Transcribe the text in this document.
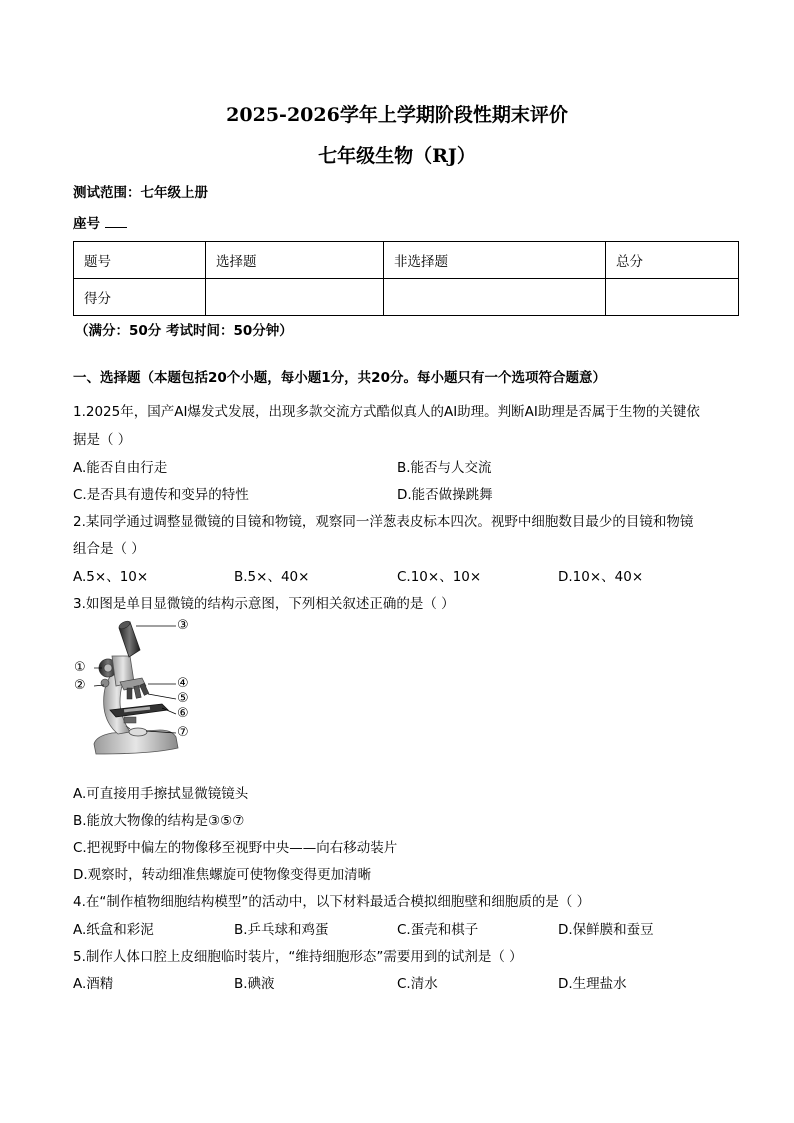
2025-2026学年上学期阶段性期末评价
七年级生物（RJ）
测试范围：七年级上册
座号
题号	选择题	非选择题	总分
得分			
（满分：50分 考试时间：50分钟）
一、选择题（本题包括20个小题，每小题1分，共20分。每小题只有一个选项符合题意）
1.2025年，国产AI爆发式发展，出现多款交流方式酷似真人的AI助理。判断AI助理是否属于生物的关键依
据是（ ）
A.能否自由行走	B.能否与人交流
C.是否具有遗传和变异的特性	D.能否做操跳舞
2.某同学通过调整显微镜的目镜和物镜，观察同一洋葱表皮标本四次。视野中细胞数目最少的目镜和物镜
组合是（ ）
A.5×、10×	B.5×、40×	C.10×、10×	D.10×、40×
3.如图是单目显微镜的结构示意图，下列相关叙述正确的是（ ）
①
②
③
④
⑤
⑥
⑦
A.可直接用手擦拭显微镜镜头
B.能放大物像的结构是③⑤⑦
C.把视野中偏左的物像移至视野中央——向右移动装片
D.观察时，转动细准焦螺旋可使物像变得更加清晰
4.在“制作植物细胞结构模型”的活动中，以下材料最适合模拟细胞壁和细胞质的是（ ）
A.纸盒和彩泥	B.乒乓球和鸡蛋	C.蛋壳和棋子	D.保鲜膜和蚕豆
5.制作人体口腔上皮细胞临时装片，“维持细胞形态”需要用到的试剂是（ ）
A.酒精	B.碘液	C.清水	D.生理盐水
